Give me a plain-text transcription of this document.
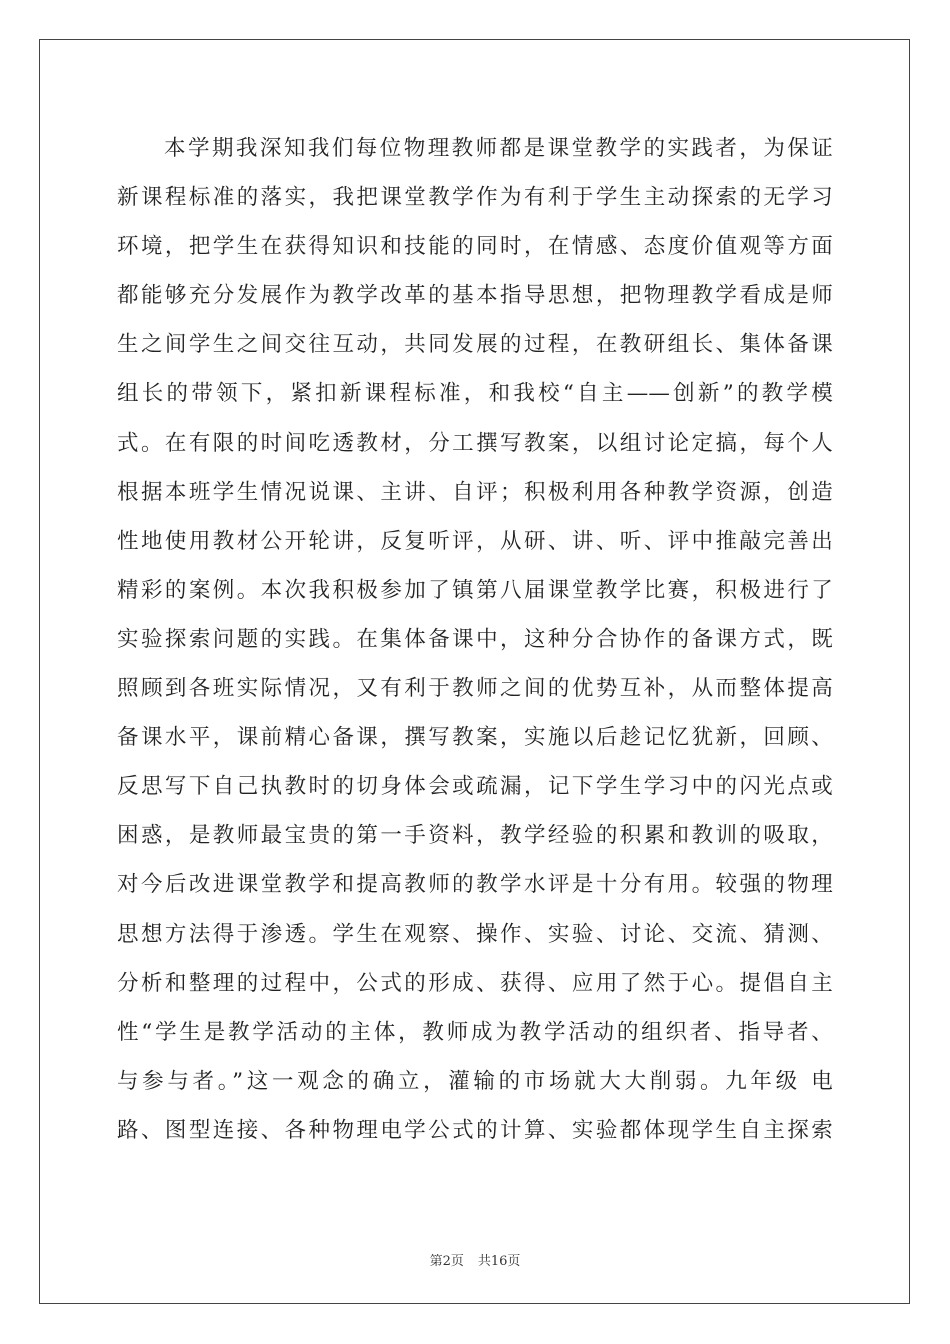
本学期我深知我们每位物理教师都是课堂教学的实践者，为保证
新课程标准的落实，我把课堂教学作为有利于学生主动探索的无学习
环境，把学生在获得知识和技能的同时，在情感、态度价值观等方面
都能够充分发展作为教学改革的基本指导思想，把物理教学看成是师
生之间学生之间交往互动，共同发展的过程，在教研组长、集体备课
组长的带领下，紧扣新课程标准，和我校“自主——创新”的教学模
式。在有限的时间吃透教材，分工撰写教案，以组讨论定搞，每个人
根据本班学生情况说课、主讲、自评；积极利用各种教学资源，创造
性地使用教材公开轮讲，反复听评，从研、讲、听、评中推敲完善出
精彩的案例。本次我积极参加了镇第八届课堂教学比赛，积极进行了
实验探索问题的实践。在集体备课中，这种分合协作的备课方式，既
照顾到各班实际情况，又有利于教师之间的优势互补，从而整体提高
备课水平，课前精心备课，撰写教案，实施以后趁记忆犹新，回顾、
反思写下自己执教时的切身体会或疏漏，记下学生学习中的闪光点或
困惑，是教师最宝贵的第一手资料，教学经验的积累和教训的吸取，
对今后改进课堂教学和提高教师的教学水评是十分有用。较强的物理
思想方法得于渗透。学生在观察、操作、实验、讨论、交流、猜测、
分析和整理的过程中，公式的形成、获得、应用了然于心。提倡自主
性“学生是教学活动的主体，教师成为教学活动的组织者、指导者、
与参与者。”这一观念的确立，灌输的市场就大大削弱。九年级 电
路、图型连接、各种物理电学公式的计算、实验都体现学生自主探索
第2页 共16页
